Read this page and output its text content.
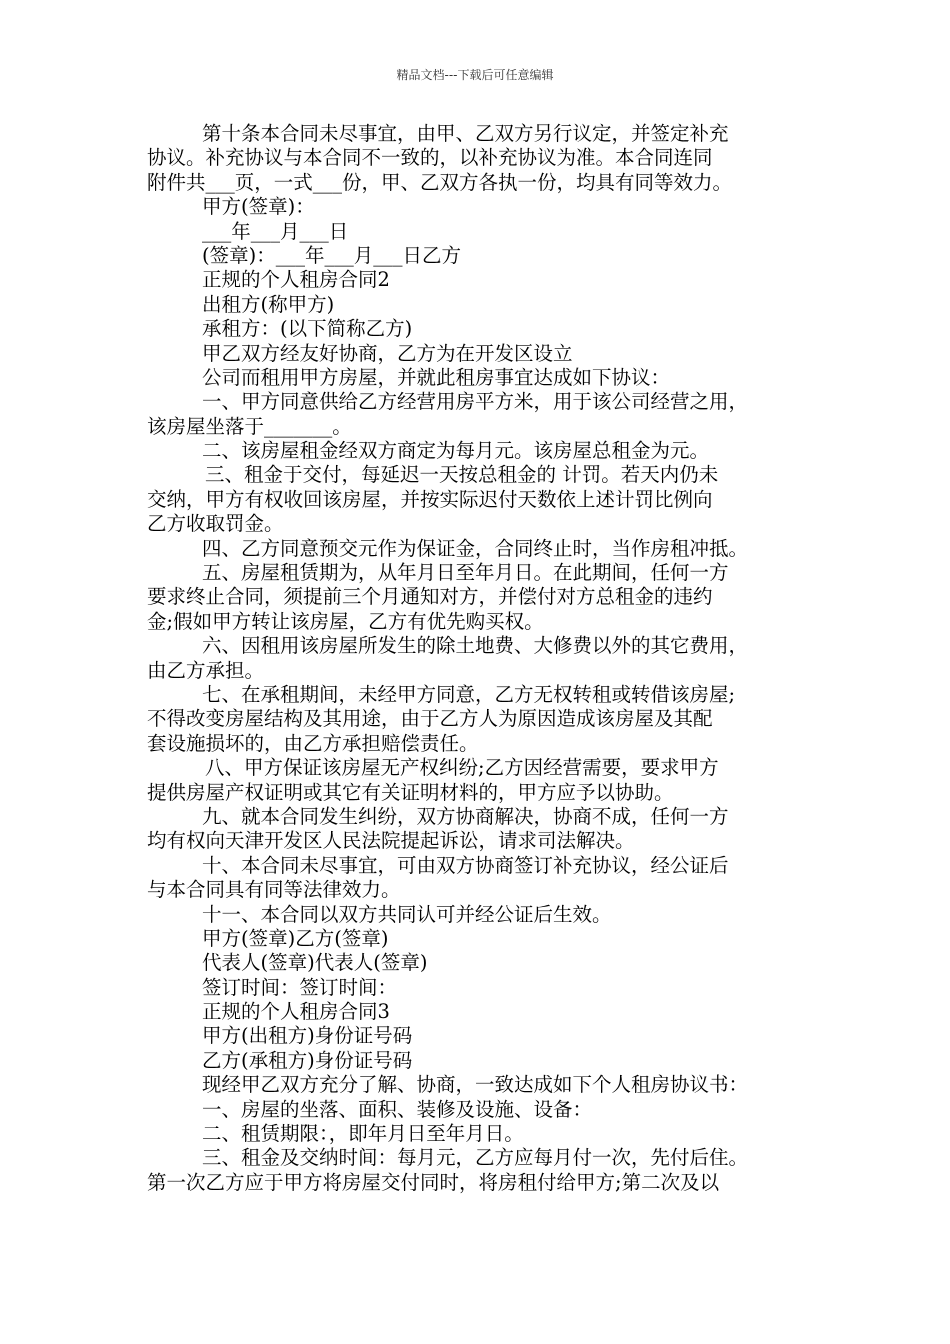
精品文档---下载后可任意编辑
第十条本合同未尽事宜，由甲、乙双方另行议定，并签定补充
协议。补充协议与本合同不一致的，以补充协议为准。本合同连同
附件共___页，一式___份，甲、乙双方各执一份，均具有同等效力。
甲方(签章)：
___年___月___日
(签章)：___年___月___日乙方
正规的个人租房合同2
出租方(称甲方)
承租方：(以下简称乙方)
甲乙双方经友好协商，乙方为在开发区设立
公司而租用甲方房屋，并就此租房事宜达成如下协议：
一、甲方同意供给乙方经营用房平方米，用于该公司经营之用，
该房屋坐落于_______。
二、该房屋租金经双方商定为每月元。该房屋总租金为元。
三、租金于交付，每延迟一天按总租金的 计罚。若天内仍未
交纳，甲方有权收回该房屋，并按实际迟付天数依上述计罚比例向
乙方收取罚金。
四、乙方同意预交元作为保证金，合同终止时，当作房租冲抵。
五、房屋租赁期为，从年月日至年月日。在此期间，任何一方
要求终止合同，须提前三个月通知对方，并偿付对方总租金的违约
金;假如甲方转让该房屋，乙方有优先购买权。
六、因租用该房屋所发生的除土地费、大修费以外的其它费用，
由乙方承担。
七、在承租期间，未经甲方同意，乙方无权转租或转借该房屋;
不得改变房屋结构及其用途，由于乙方人为原因造成该房屋及其配
套设施损坏的，由乙方承担赔偿责任。
八、甲方保证该房屋无产权纠纷;乙方因经营需要，要求甲方
提供房屋产权证明或其它有关证明材料的，甲方应予以协助。
九、就本合同发生纠纷，双方协商解决，协商不成，任何一方
均有权向天津开发区人民法院提起诉讼，请求司法解决。
十、本合同未尽事宜，可由双方协商签订补充协议，经公证后
与本合同具有同等法律效力。
十一、本合同以双方共同认可并经公证后生效。
甲方(签章)乙方(签章)
代表人(签章)代表人(签章)
签订时间：签订时间：
正规的个人租房合同3
甲方(出租方)身份证号码
乙方(承租方)身份证号码
现经甲乙双方充分了解、协商，一致达成如下个人租房协议书：
一、房屋的坐落、面积、装修及设施、设备：
二、租赁期限：，即年月日至年月日。
三、租金及交纳时间：每月元，乙方应每月付一次，先付后住。
第一次乙方应于甲方将房屋交付同时，将房租付给甲方;第二次及以
